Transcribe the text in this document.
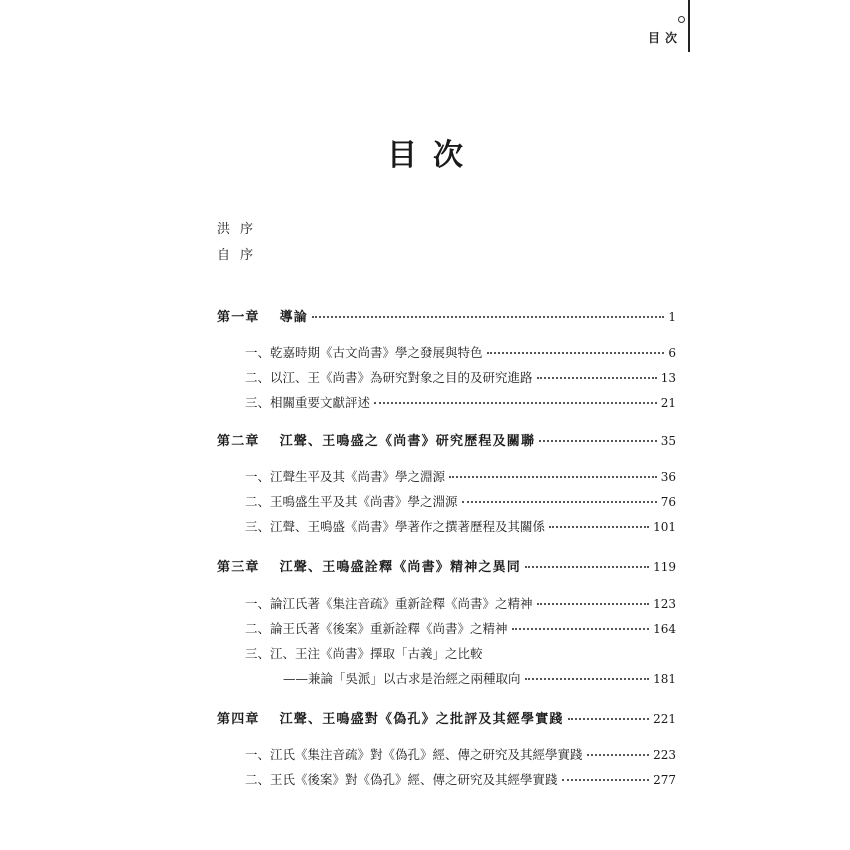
目次
目次
洪序
自序
第一章 導論	1
一、乾嘉時期《古文尚書》學之發展與特色	6
二、以江、王《尚書》為研究對象之目的及研究進路	13
三、相關重要文獻評述	21
第二章 江聲、王鳴盛之《尚書》研究歷程及關聯	35
一、江聲生平及其《尚書》學之淵源	36
二、王鳴盛生平及其《尚書》學之淵源	76
三、江聲、王鳴盛《尚書》學著作之撰著歷程及其關係	101
第三章 江聲、王鳴盛詮釋《尚書》精神之異同	119
一、論江氏著《集注音疏》重新詮釋《尚書》之精神	123
二、論王氏著《後案》重新詮釋《尚書》之精神	164
三、江、王注《尚書》擇取「古義」之比較
——兼論「吳派」以古求是治經之兩種取向	181
第四章 江聲、王鳴盛對《偽孔》之批評及其經學實踐	221
一、江氏《集注音疏》對《偽孔》經、傳之研究及其經學實踐	223
二、王氏《後案》對《偽孔》經、傳之研究及其經學實踐	277
